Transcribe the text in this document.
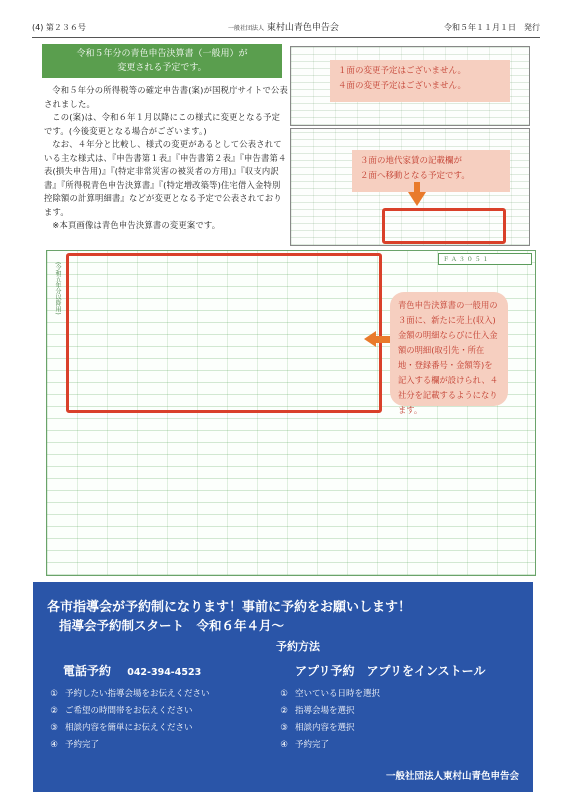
(4) 第２３６号	一般社団法人 東村山青色申告会	令和５年１１月１日　発行
令和５年分の青色申告決算書（一般用）が
変更される予定です。

令和５年分の所得税等の確定申告書(案)が国税庁サイトで公表されました。

この(案)は、令和６年１月以降にこの様式に変更となる予定です。(今後変更となる場合がございます。)

なお、４年分と比較し、様式の変更があるとして公表されている主な様式は、『申告書第１表』『申告書第２表』『申告書第４表(損失申告用)』『(特定非常災害の被災者の方用)』『収支内訳書』『所得税青色申告決算書』『(特定増改築等)住宅借入金特別控除額の計算明細書』などが変更となる予定で公表されております。

※本頁画像は青色申告決算書の変更案です。

１面の変更予定はございません。
４面の変更予定はございません。
３面の地代家賃の記載欄が
２面へ移動となる予定です。
Ｆ Ａ ３ ０ ５ １
(令和五年分以降用)	青色申告決算書の一般用の３面に、新たに売上(収入)金額の明細ならびに仕入金額の明細(取引先・所在地・登録番号・金額等)を記入する欄が設けられ、４社分を記載するようになります。
各市指導会が予約制になります！事前に予約をお願いします！
指導会予約制スタート　令和６年４月～
予約方法
電話予約 042-394-4523
① 予約したい指導会場をお伝えください
② ご希望の時間帯をお伝えください
③ 相談内容を簡単にお伝えください
④ 予約完了
アプリ予約　アプリをインストール
① 空いている日時を選択
② 指導会場を選択
③ 相談内容を選択
④ 予約完了
一般社団法人東村山青色申告会
